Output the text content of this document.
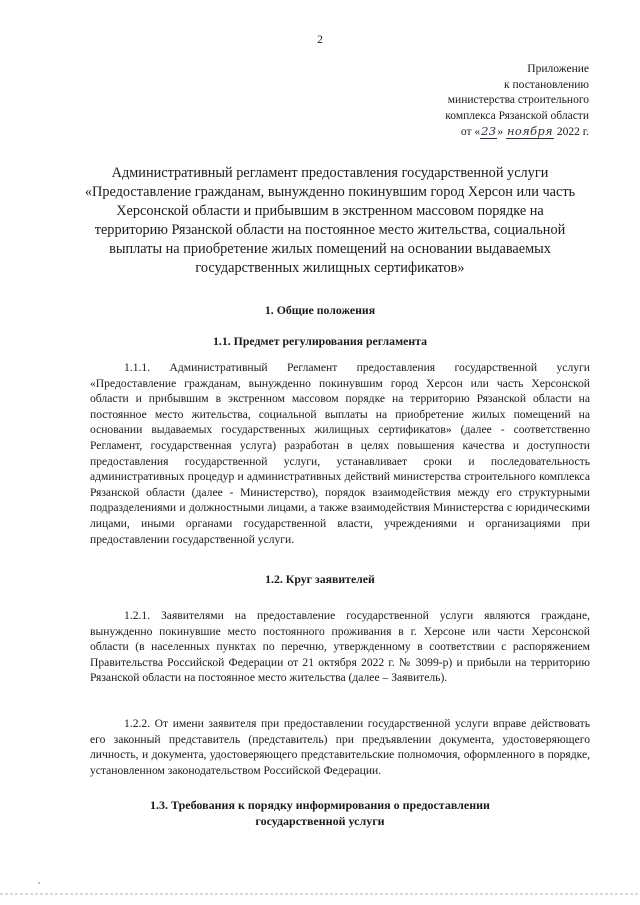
2
Приложение
к постановлению
министерства строительного
комплекса Рязанской области
от «23» ноября 2022 г.
Административный регламент предоставления государственной услуги «Предоставление гражданам, вынужденно покинувшим город Херсон или часть Херсонской области и прибывшим в экстренном массовом порядке на территорию Рязанской области на постоянное место жительства, социальной выплаты на приобретение жилых помещений на основании выдаваемых государственных жилищных сертификатов»
1. Общие положения
1.1. Предмет регулирования регламента

1.1.1. Административный Регламент предоставления государственной услуги «Предоставление гражданам, вынужденно покинувшим город Херсон или часть Херсонской области и прибывшим в экстренном массовом порядке на территорию Рязанской области на постоянное место жительства, социальной выплаты на приобретение жилых помещений на основании выдаваемых государственных жилищных сертификатов» (далее - соответственно Регламент, государственная услуга) разработан в целях повышения качества и доступности предоставления государственной услуги, устанавливает сроки и последовательность административных процедур и административных действий министерства строительного комплекса Рязанской области (далее - Министерство), порядок взаимодействия между его структурными подразделениями и должностными лицами, а также взаимодействия Министерства с юридическими лицами, иными органами государственной власти, учреждениями и организациями при предоставлении государственной услуги.

1.2. Круг заявителей

1.2.1. Заявителями на предоставление государственной услуги являются граждане, вынужденно покинувшие место постоянного проживания в г. Херсоне или части Херсонской области (в населенных пунктах по перечню, утвержденному в соответствии с распоряжением Правительства Российской Федерации от 21 октября 2022 г. № 3099-р) и прибыли на территорию Рязанской области на постоянное место жительства (далее – Заявитель).

1.2.2. От имени заявителя при предоставлении государственной услуги вправе действовать его законный представитель (представитель) при предъявлении документа, удостоверяющего личность, и документа, удостоверяющего представительские полномочия, оформленного в порядке, установленном законодательством Российской Федерации.

1.3. Требования к порядку информирования о предоставлении
государственной услуги
